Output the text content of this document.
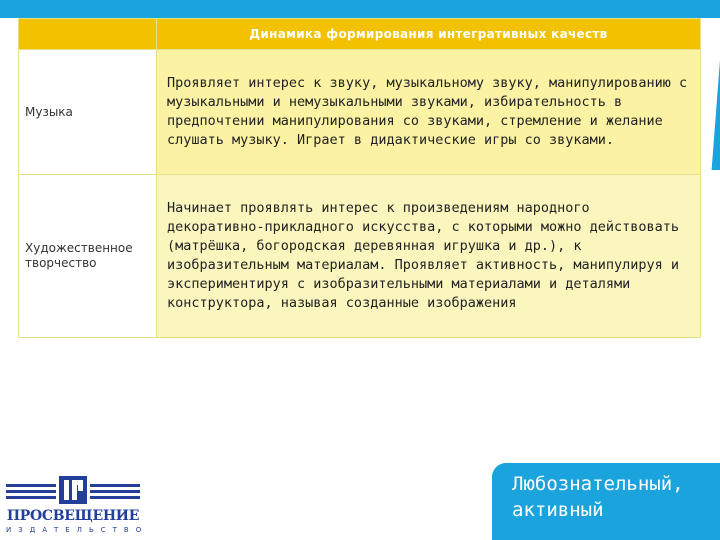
	Динамика формирования интегративных качеств
Музыка	Проявляет интерес к звуку, музыкальному звуку, манипулированию с музыкальными и немузыкальными звуками, избирательность в предпочтении манипулирования со звуками, стремление и желание слушать музыку. Играет в дидактические игры со звуками.
Художественное творчество	Начинает проявлять интерес к произведениям народного декоративно-прикладного искусства, с которыми можно действовать (матрёшка, богородская деревянная игрушка и др.), к изобразительным материалам. Проявляет активность, манипулируя и экспериментируя с изобразительными материалами и деталями конструктора, называя созданные изображения
ПРОСВЕЩЕНИЕ
ИЗДАТЕЛЬСТВО
Любознательный,
активный
